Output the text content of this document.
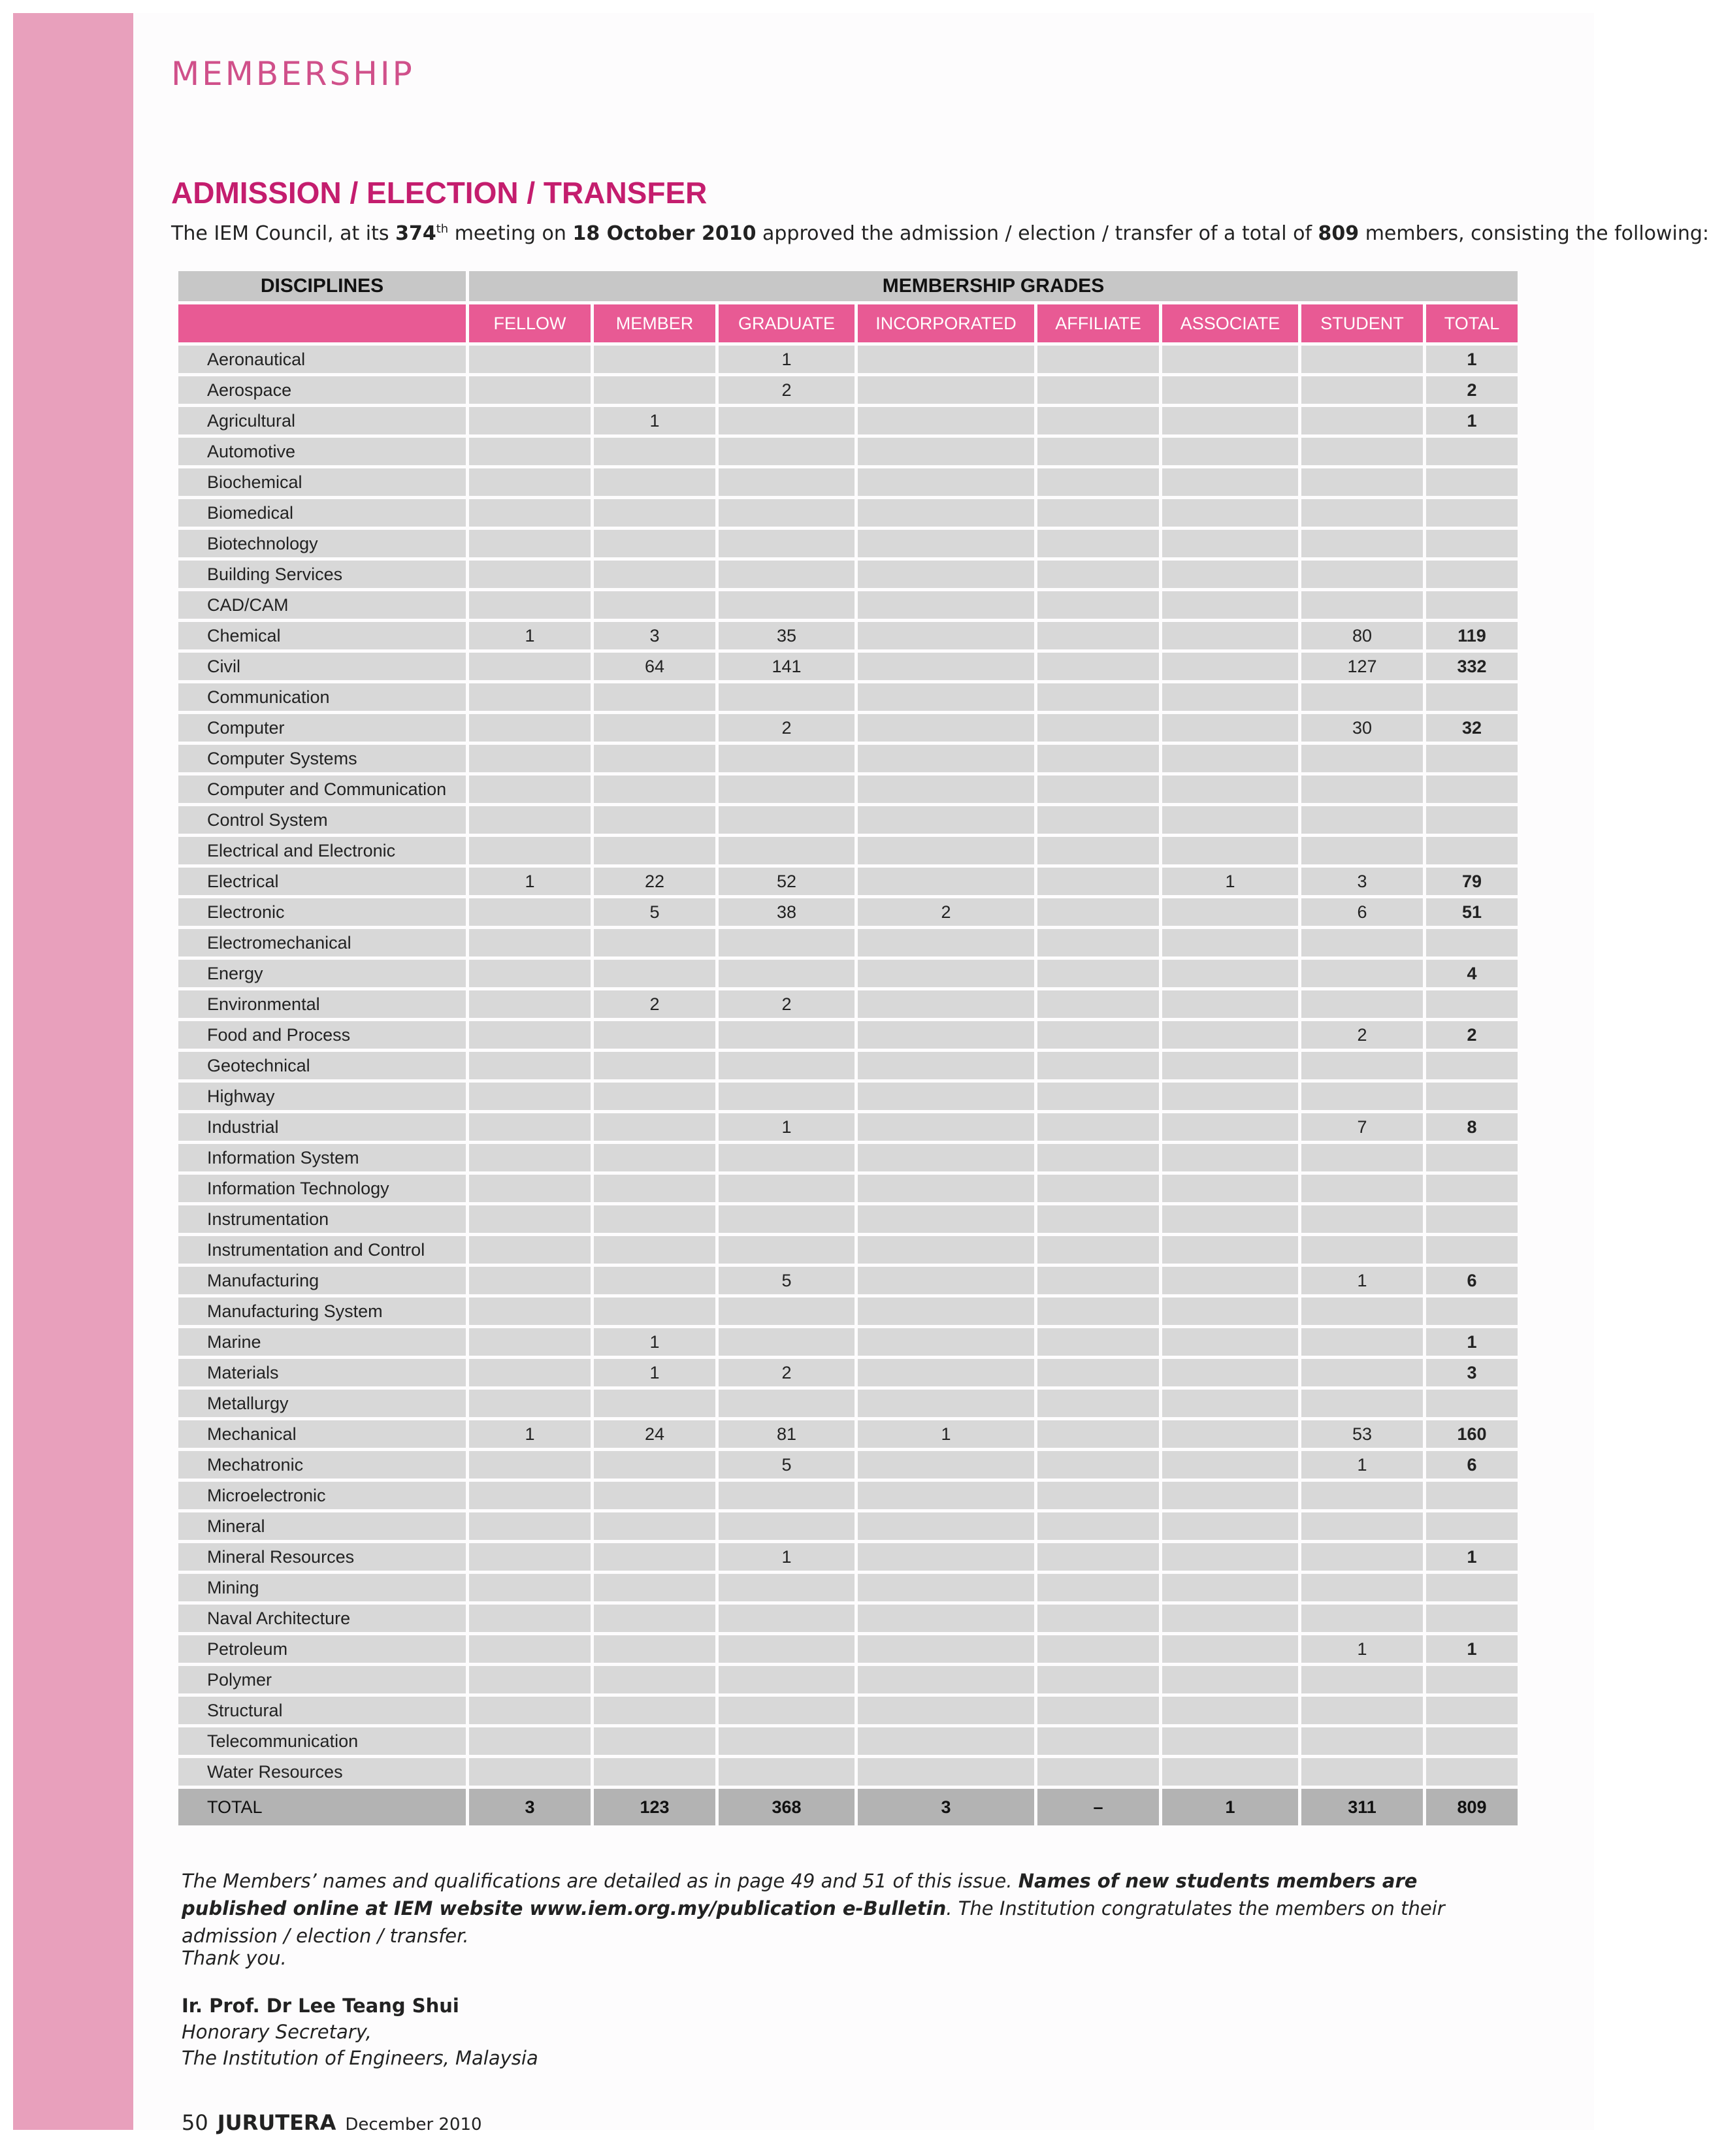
MEMBERSHIP
ADMISSION / ELECTION / TRANSFER
The IEM Council, at its 374th meeting on 18 October 2010 approved the admission / election / transfer of a total of 809 members, consisting the following:
DISCIPLINES	MEMBERSHIP GRADES							
	FELLOW	MEMBER	GRADUATE	INCORPORATED	AFFILIATE	ASSOCIATE	STUDENT	TOTAL
Aeronautical			1					1
Aerospace			2					2
Agricultural		1						1
Automotive								
Biochemical								
Biomedical								
Biotechnology								
Building Services								
CAD/CAM								
Chemical	1	3	35				80	119
Civil		64	141				127	332
Communication								
Computer			2				30	32
Computer Systems								
Computer and Communication								
Control System								
Electrical and Electronic								
Electrical	1	22	52			1	3	79
Electronic		5	38	2			6	51
Electromechanical								
Energy								4
Environmental		2	2					
Food and Process							2	2
Geotechnical								
Highway								
Industrial			1				7	8
Information System								
Information Technology								
Instrumentation								
Instrumentation and Control								
Manufacturing			5				1	6
Manufacturing System								
Marine		1						1
Materials		1	2					3
Metallurgy								
Mechanical	1	24	81	1			53	160
Mechatronic			5				1	6
Microelectronic								
Mineral								
Mineral Resources			1					1
Mining								
Naval Architecture								
Petroleum							1	1
Polymer								
Structural								
Telecommunication								
Water Resources								
TOTAL	3	123	368	3	–	1	311	809
The Members’ names and qualifications are detailed as in page 49 and 51 of this issue. Names of new students members are published online at IEM website www.iem.org.my/publication e-Bulletin. The Institution congratulates the members on their admission / election / transfer.
Thank you.
Ir. Prof. Dr Lee Teang Shui
Honorary Secretary,
The Institution of Engineers, Malaysia
50 JURUTERA December 2010
